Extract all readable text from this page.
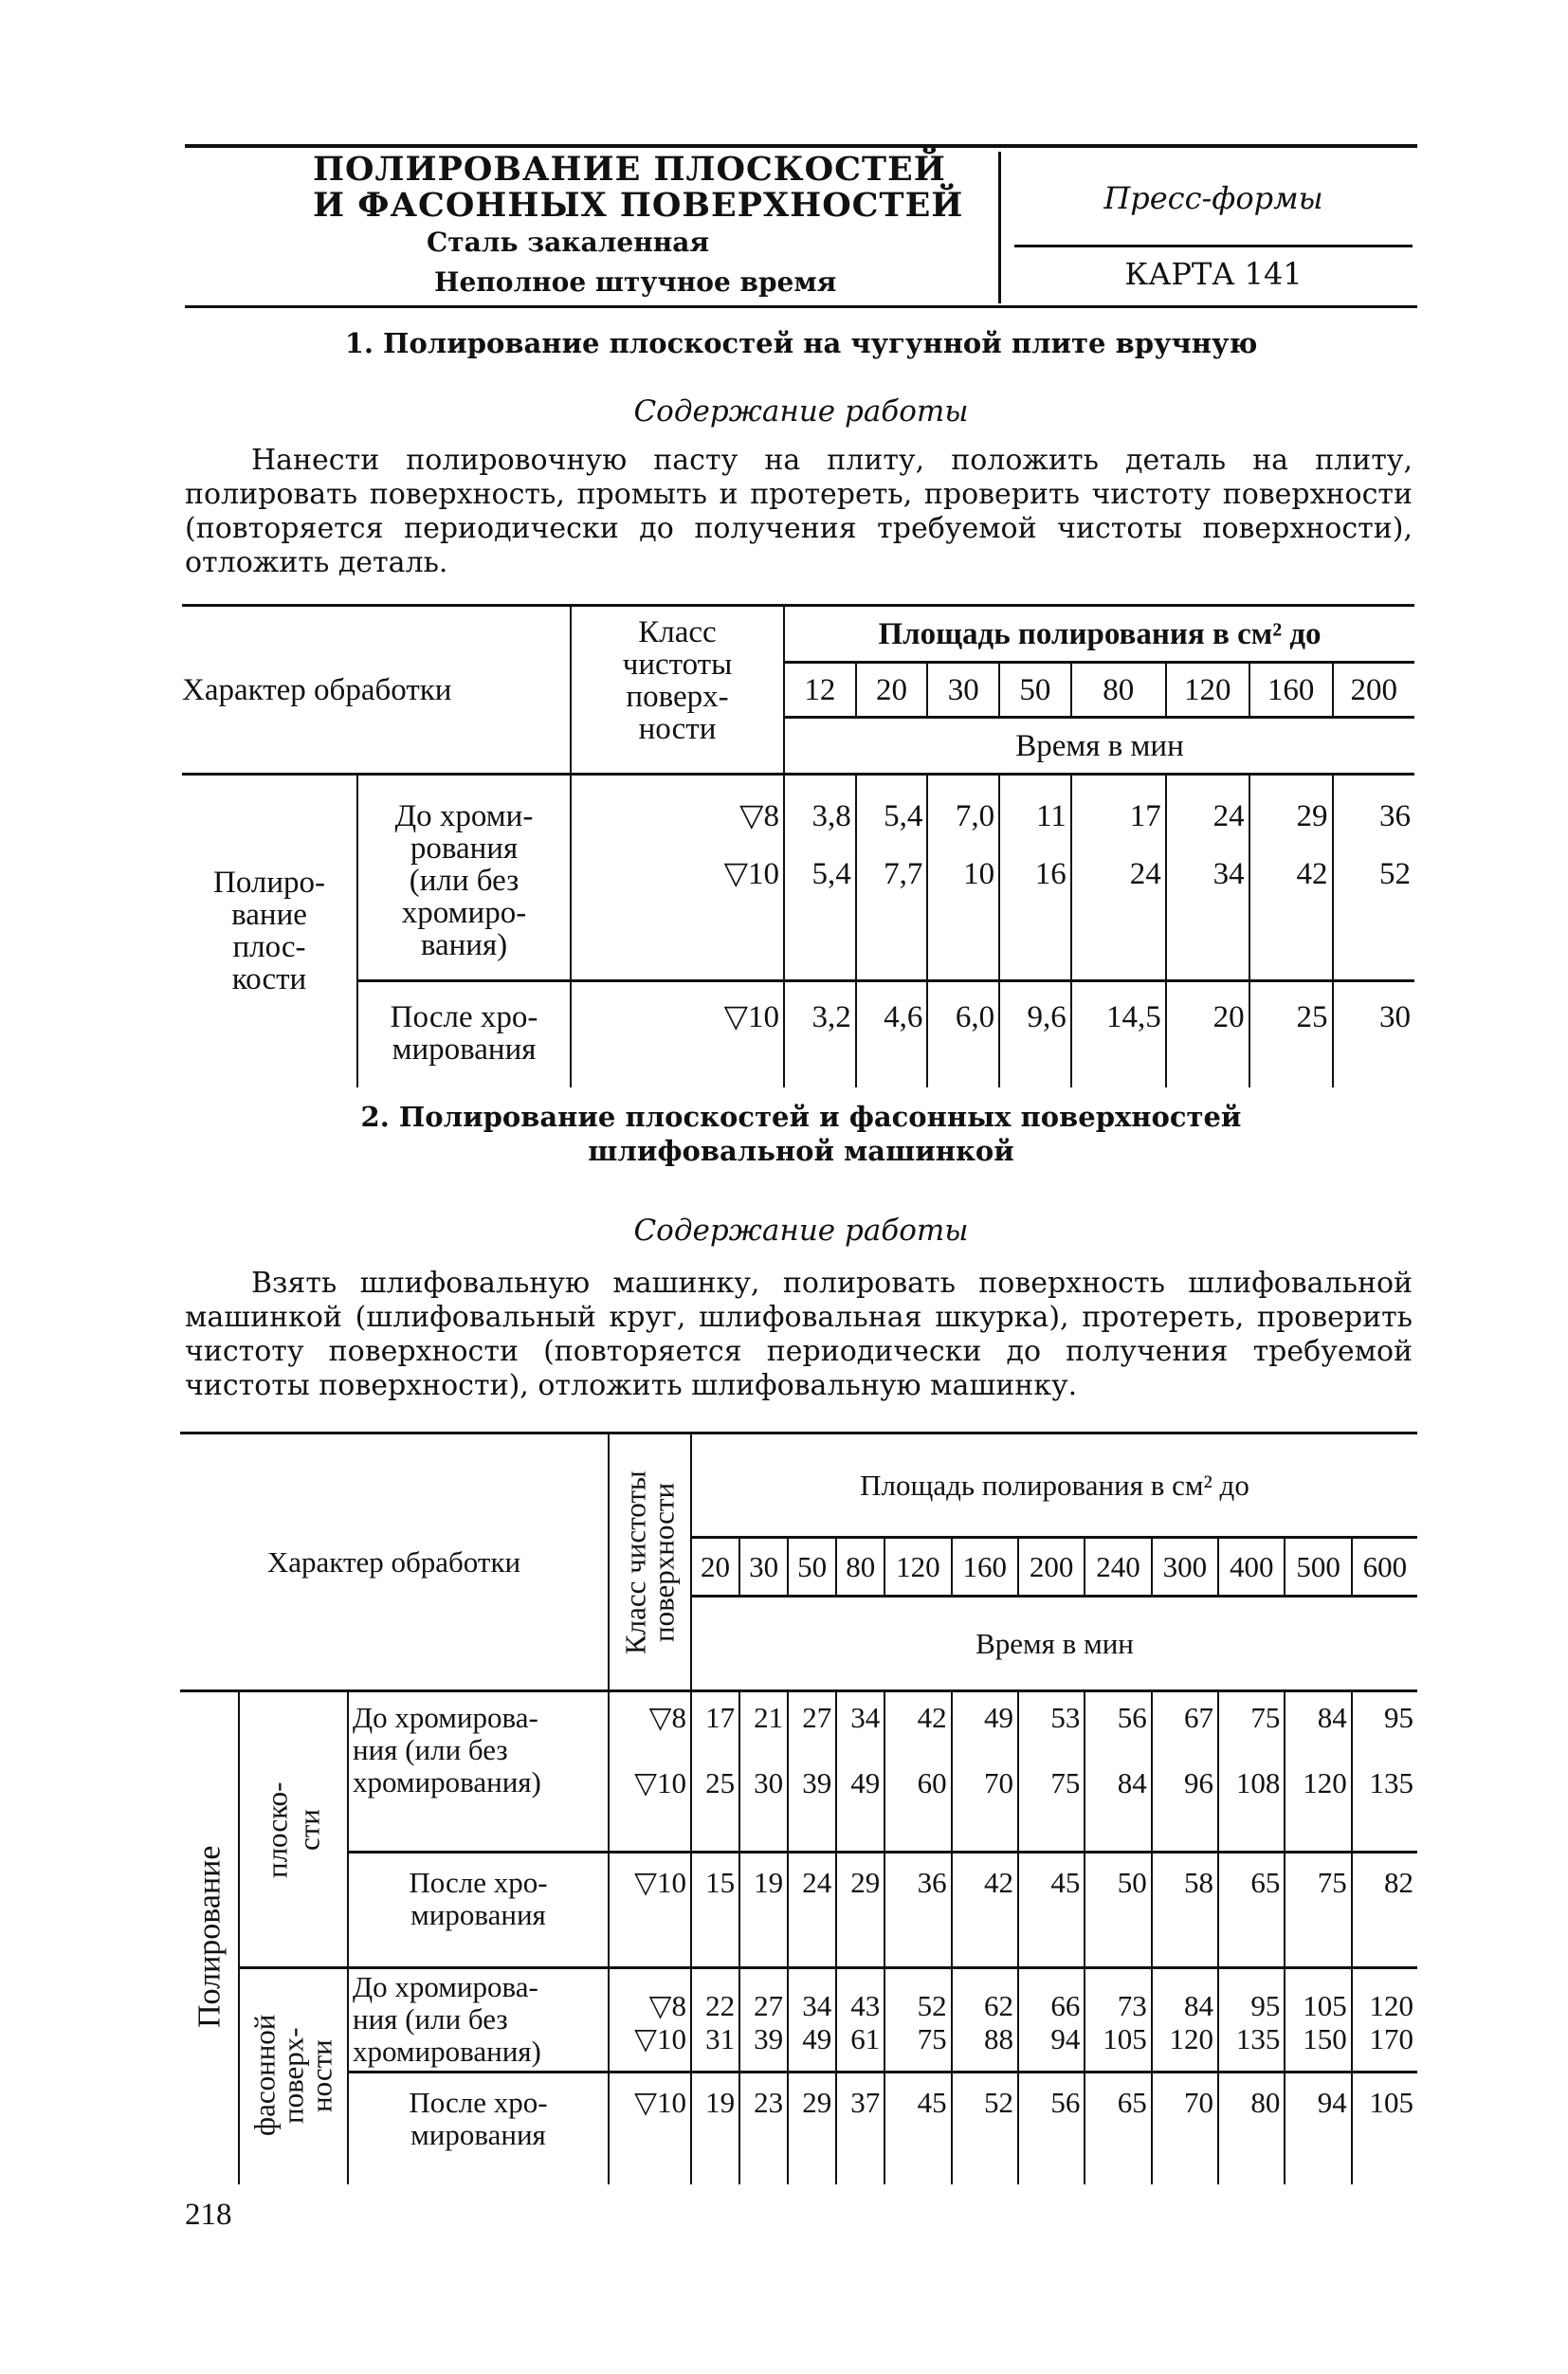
ПОЛИРОВАНИЕ ПЛОСКОСТЕЙ
И ФАСОННЫХ ПОВЕРХНОСТЕЙ
Сталь закаленная
Неполное штучное время
Пресс-формы
КАРТА 141
1. Полирование плоскостей на чугунной плите вручную
Содержание работы
Нанести полировочную пасту на плиту, положить деталь на плиту, полировать поверхность, промыть и протереть, проверить чистоту поверхности (повторяется периодически до получения требуемой чистоты поверхности), отложить деталь.
Характер обработки		Класс
чистоты
поверх-
ности	Площадь полирования в см² до							
			12	20	30	50	80	120	160	200
			Время в мин							
Полиро-
вание
плос-
кости	До хроми-
рования
(или без
хромиро-
вания)	▽8	3,8	5,4	7,0	11	17	24	29	36
		▽10	5,4	7,7	10	16	24	34	42	52
	После хро-
мирования	▽10	3,2	4,6	6,0	9,6	14,5	20	25	30
2. Полирование плоскостей и фасонных поверхностей
шлифовальной машинкой
Содержание работы
Взять шлифовальную машинку, полировать поверхность шлифовальной машинкой (шлифовальный круг, шлифовальная шкурка), протереть, проверить чистоту поверхности (повторяется периодически до получения требуемой чистоты поверхности), отложить шлифовальную машинку.
Характер обработки			Класс чистоты
поверхности	Площадь полирования в см² до											
				20	30	50	80	120	160	200	240	300	400	500	600
				Время в мин											
Полирование	плоско-
сти	До хромирова-
ния (или без
хромирования)	▽8	17	21	27	34	42	49	53	56	67	75	84	95
			▽10	25	30	39	49	60	70	75	84	96	108	120	135
		После хро-
мирования	▽10	15	19	24	29	36	42	45	50	58	65	75	82
	фасонной
поверх-
ности	До хромирова-
ния (или без
хромирования)	▽8	22	27	34	43	52	62	66	73	84	95	105	120
			▽10	31	39	49	61	75	88	94	105	120	135	150	170
		После хро-
мирования	▽10	19	23	29	37	45	52	56	65	70	80	94	105
218
